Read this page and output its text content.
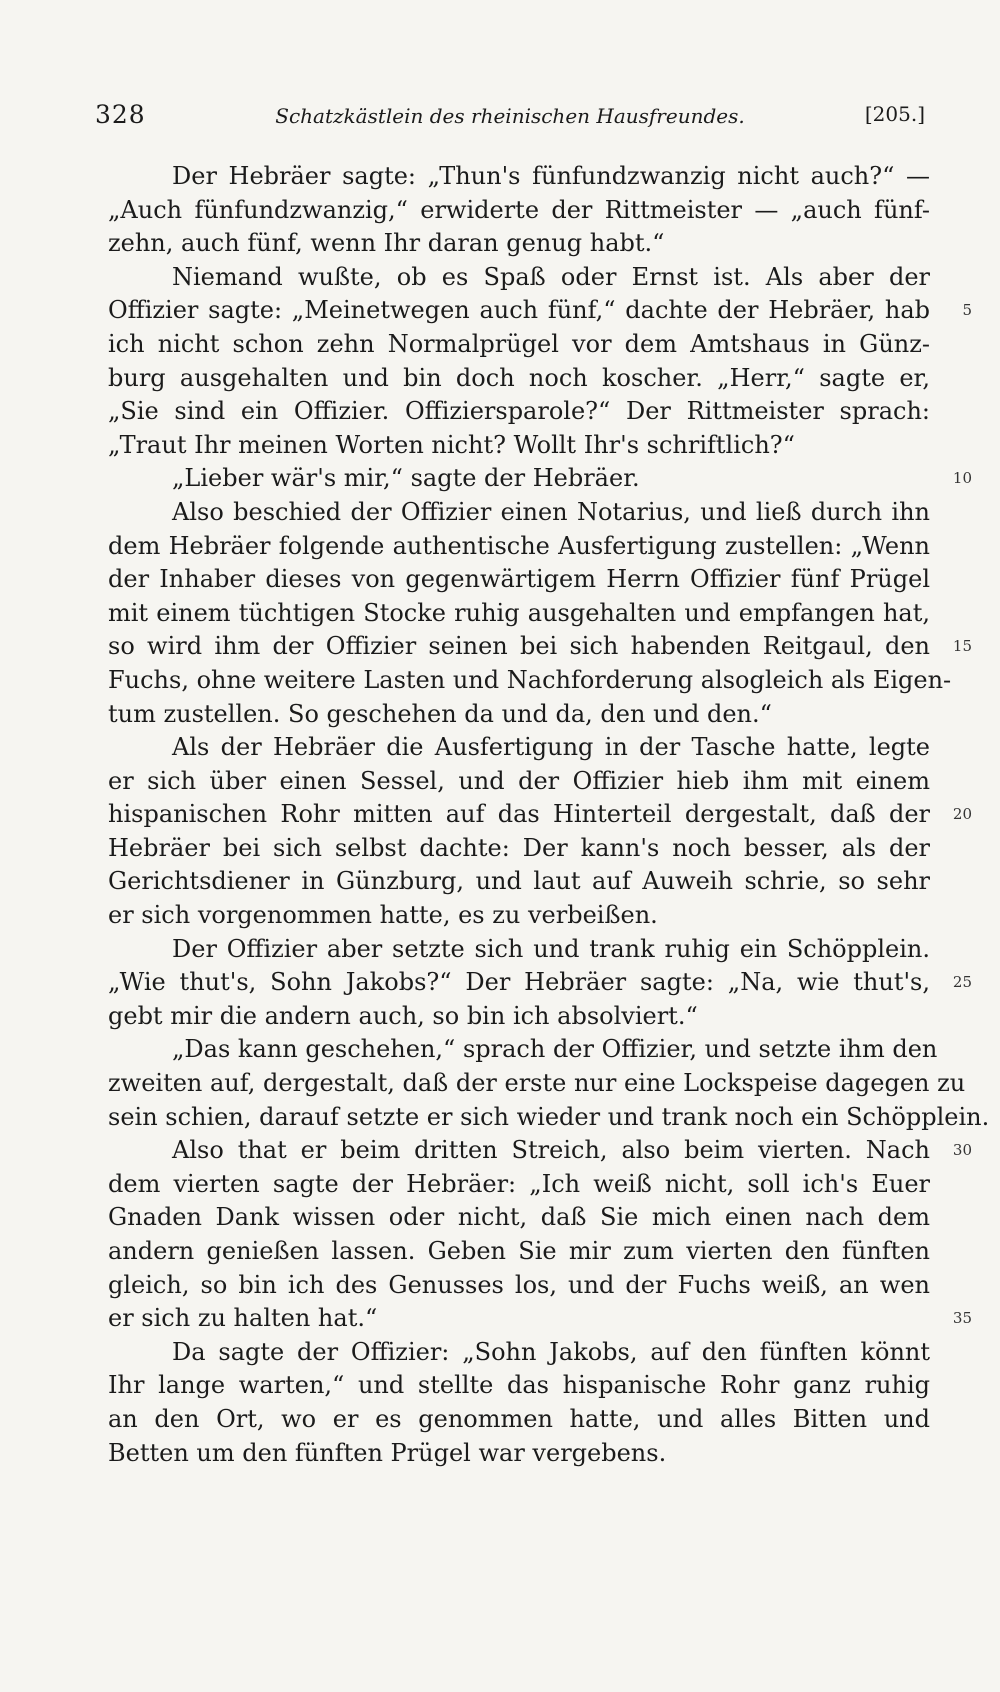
328	Schatzkästlein des rheinischen Hausfreundes.	[205.]
Der Hebräer sagte: „Thun's fünfundzwanzig nicht auch?“ —
„Auch fünfundzwanzig,“ erwiderte der Rittmeister — „auch fünf-
zehn, auch fünf, wenn Ihr daran genug habt.“
Niemand wußte, ob es Spaß oder Ernst ist. Als aber der
Offizier sagte: „Meinetwegen auch fünf,“ dachte der Hebräer, hab	5
ich nicht schon zehn Normalprügel vor dem Amtshaus in Günz-
burg ausgehalten und bin doch noch koscher. „Herr,“ sagte er,
„Sie sind ein Offizier. Offiziersparole?“ Der Rittmeister sprach:
„Traut Ihr meinen Worten nicht? Wollt Ihr's schriftlich?“
„Lieber wär's mir,“ sagte der Hebräer.	10
Also beschied der Offizier einen Notarius, und ließ durch ihn
dem Hebräer folgende authentische Ausfertigung zustellen: „Wenn
der Inhaber dieses von gegenwärtigem Herrn Offizier fünf Prügel
mit einem tüchtigen Stocke ruhig ausgehalten und empfangen hat,
so wird ihm der Offizier seinen bei sich habenden Reitgaul, den	15
Fuchs, ohne weitere Lasten und Nachforderung alsogleich als Eigen-
tum zustellen. So geschehen da und da, den und den.“
Als der Hebräer die Ausfertigung in der Tasche hatte, legte
er sich über einen Sessel, und der Offizier hieb ihm mit einem
hispanischen Rohr mitten auf das Hinterteil dergestalt, daß der	20
Hebräer bei sich selbst dachte: Der kann's noch besser, als der
Gerichtsdiener in Günzburg, und laut auf Auweih schrie, so sehr
er sich vorgenommen hatte, es zu verbeißen.
Der Offizier aber setzte sich und trank ruhig ein Schöpplein.
„Wie thut's, Sohn Jakobs?“ Der Hebräer sagte: „Na, wie thut's,	25
gebt mir die andern auch, so bin ich absolviert.“
„Das kann geschehen,“ sprach der Offizier, und setzte ihm den
zweiten auf, dergestalt, daß der erste nur eine Lockspeise dagegen zu
sein schien, darauf setzte er sich wieder und trank noch ein Schöpplein.
Also that er beim dritten Streich, also beim vierten. Nach	30
dem vierten sagte der Hebräer: „Ich weiß nicht, soll ich's Euer
Gnaden Dank wissen oder nicht, daß Sie mich einen nach dem
andern genießen lassen. Geben Sie mir zum vierten den fünften
gleich, so bin ich des Genusses los, und der Fuchs weiß, an wen
er sich zu halten hat.“	35
Da sagte der Offizier: „Sohn Jakobs, auf den fünften könnt
Ihr lange warten,“ und stellte das hispanische Rohr ganz ruhig
an den Ort, wo er es genommen hatte, und alles Bitten und
Betten um den fünften Prügel war vergebens.
